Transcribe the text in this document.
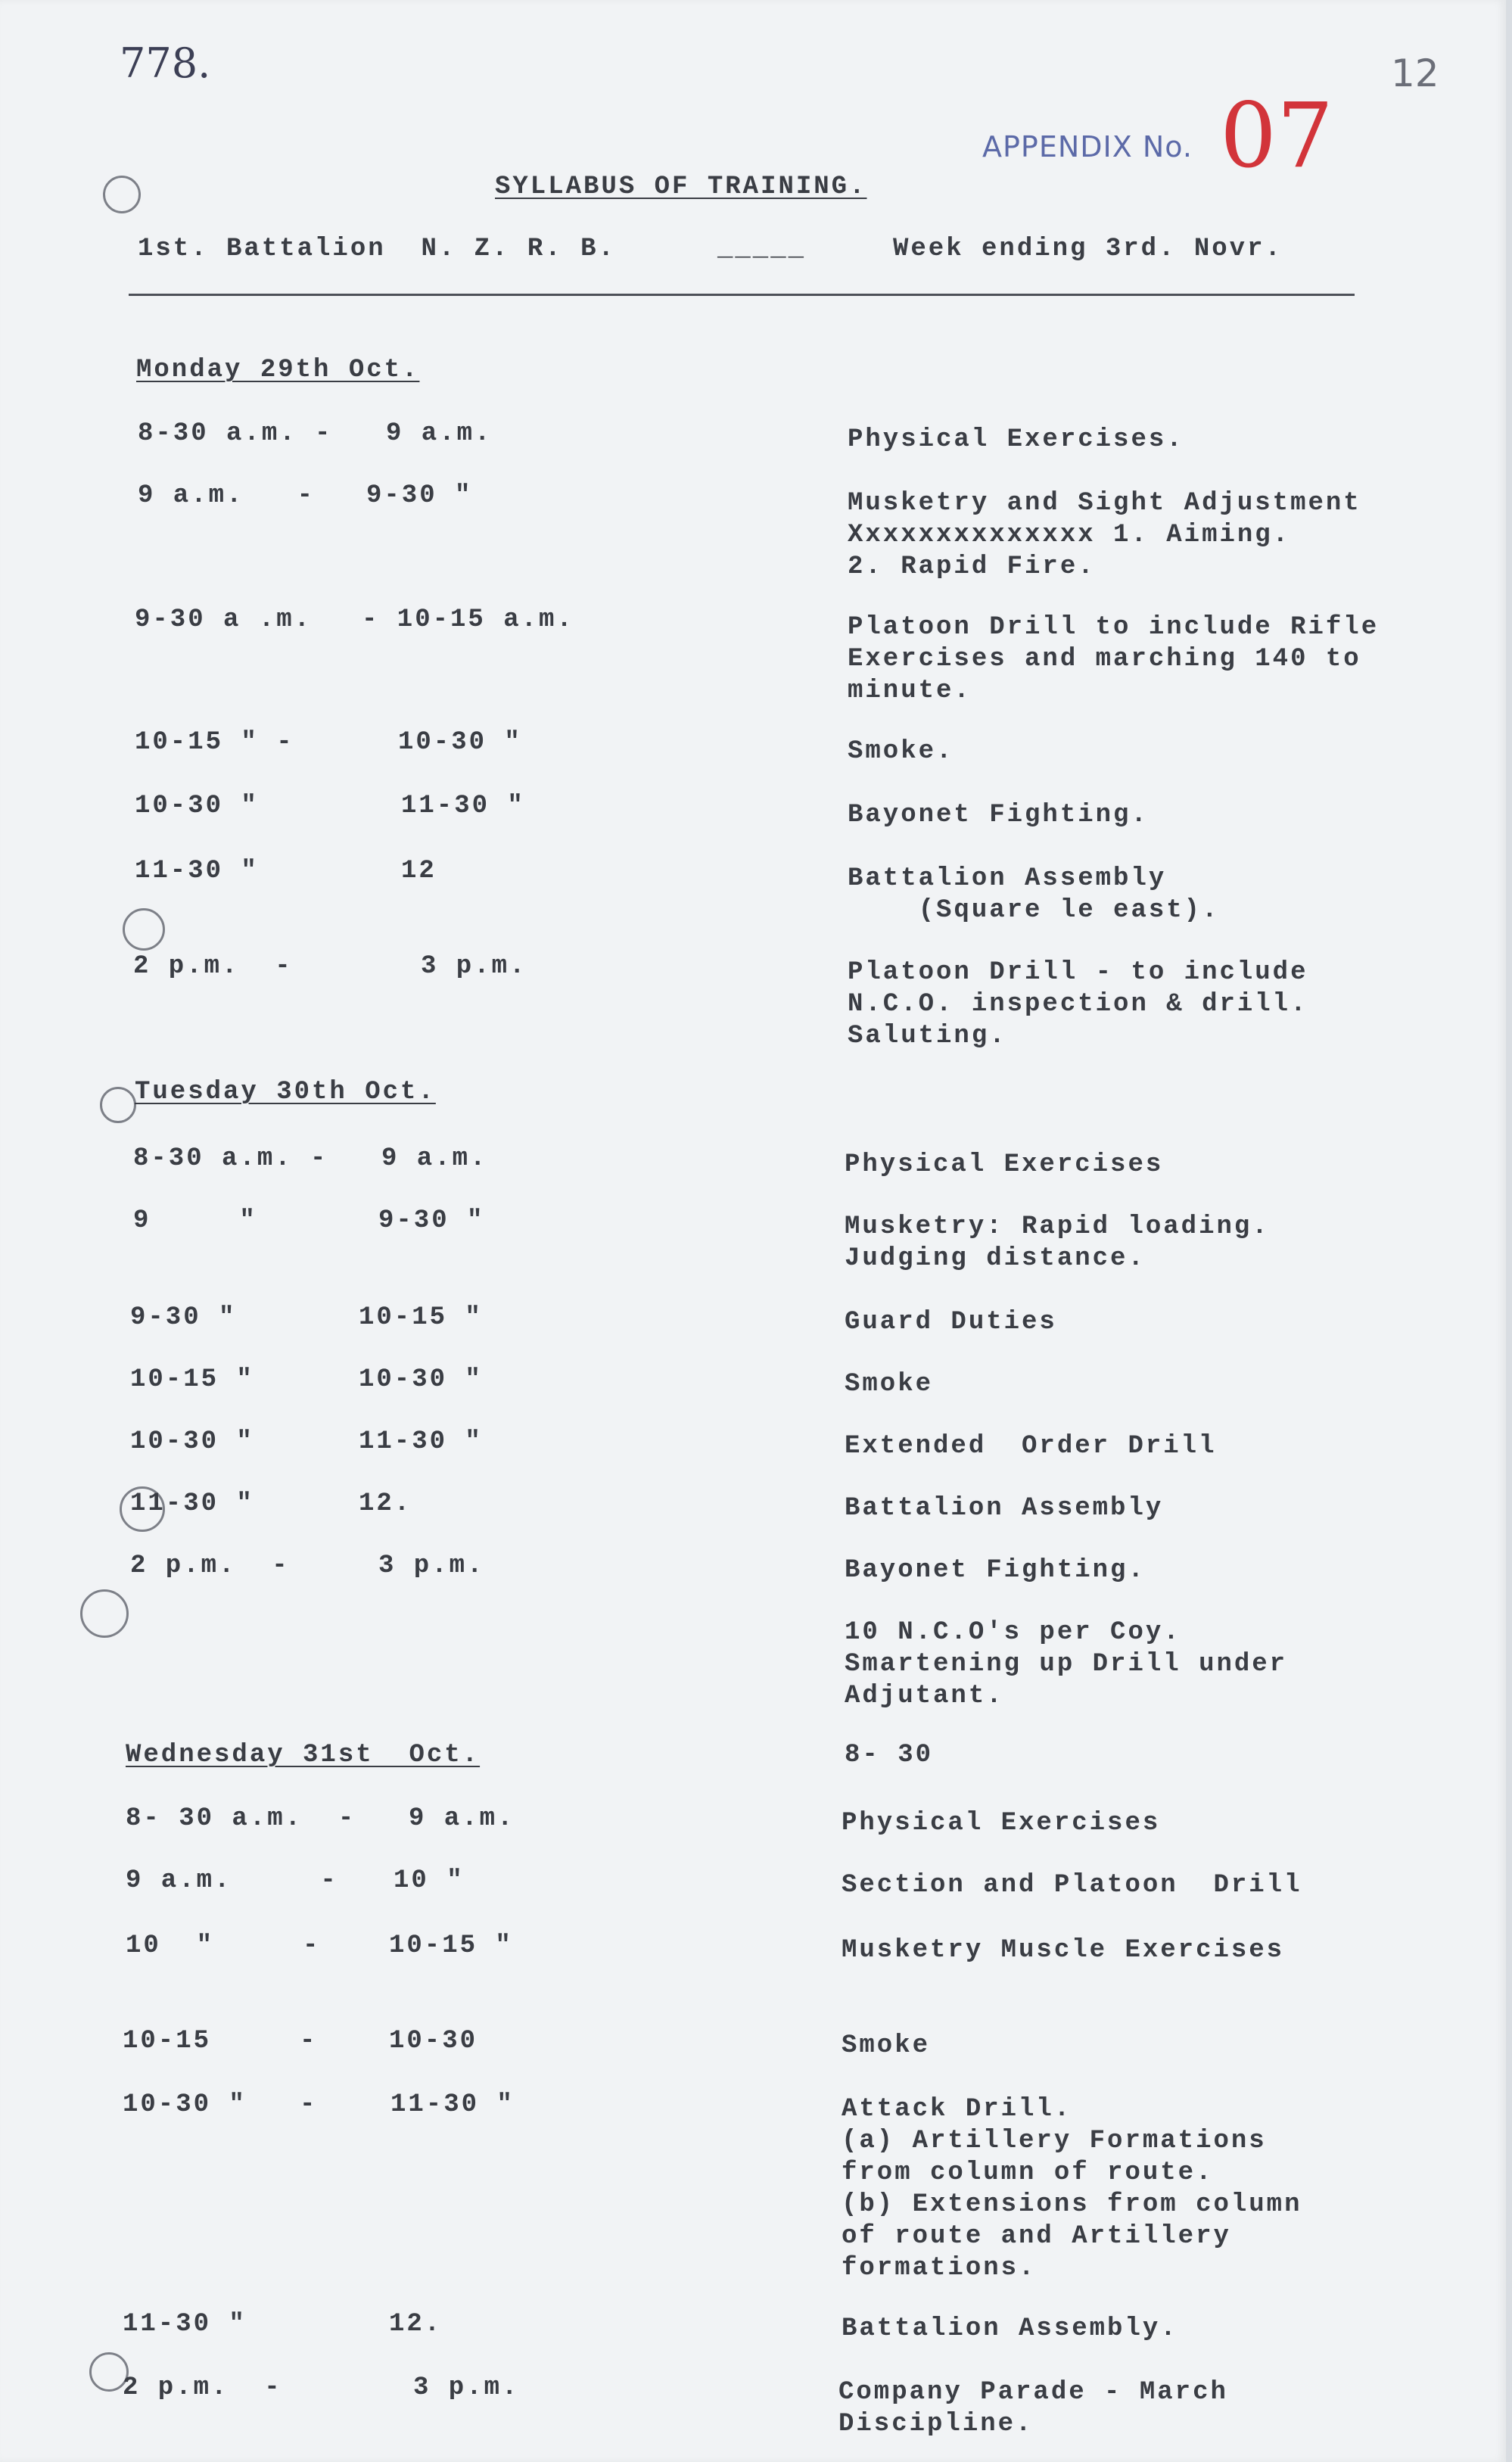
778.	12
APPENDIX No. 07
SYLLABUS OF TRAINING.
1st. Battalion  N. Z. R. B.	_____	Week ending 3rd. Novr.
Monday 29th Oct.
8-30 a.m. - 9 a.m.	Physical Exercises.
9 a.m.   - 9-30 "	Musketry and Sight Adjustment
Xxxxxxxxxxxxxx 1. Aiming.
2. Rapid Fire.
9-30 a .m. - 10-15 a.m.	Platoon Drill to include Rifle
Exercises and marching 140 to
minute.
10-15 " -	10-30 "	Smoke.
10-30 "	11-30 "	Bayonet Fighting.
11-30 "	12	Battalion Assembly
(Square le east).
2 p.m.  -	3 p.m.	Platoon Drill - to include
N.C.O. inspection & drill.
Saluting.
Tuesday 30th Oct.
8-30 a.m. - 9 a.m.	Physical Exercises
9     "	9-30 "	Musketry: Rapid loading.
Judging distance.
9-30 "	10-15 "	Guard Duties
10-15 "	10-30 "	Smoke
10-30 "	11-30 "	Extended  Order Drill
11-30 "	12.	Battalion Assembly
2 p.m.  -	3 p.m.	Bayonet Fighting.
10 N.C.O's per Coy.
Smartening up Drill under
Adjutant.
Wednesday 31st  Oct.	8- 30
8- 30 a.m.  - 9 a.m.	Physical Exercises
9 a.m.     - 10 "	Section and Platoon  Drill
10  "     -	10-15 "	Musketry Muscle Exercises
10-15     -	10-30	Smoke
10-30 "   -	11-30 "	Attack Drill.
(a) Artillery Formations
from column of route.
(b) Extensions from column
of route and Artillery
formations.
11-30 "	12.	Battalion Assembly.
2 p.m.  -	3 p.m.	Company Parade - March
Discipline.
